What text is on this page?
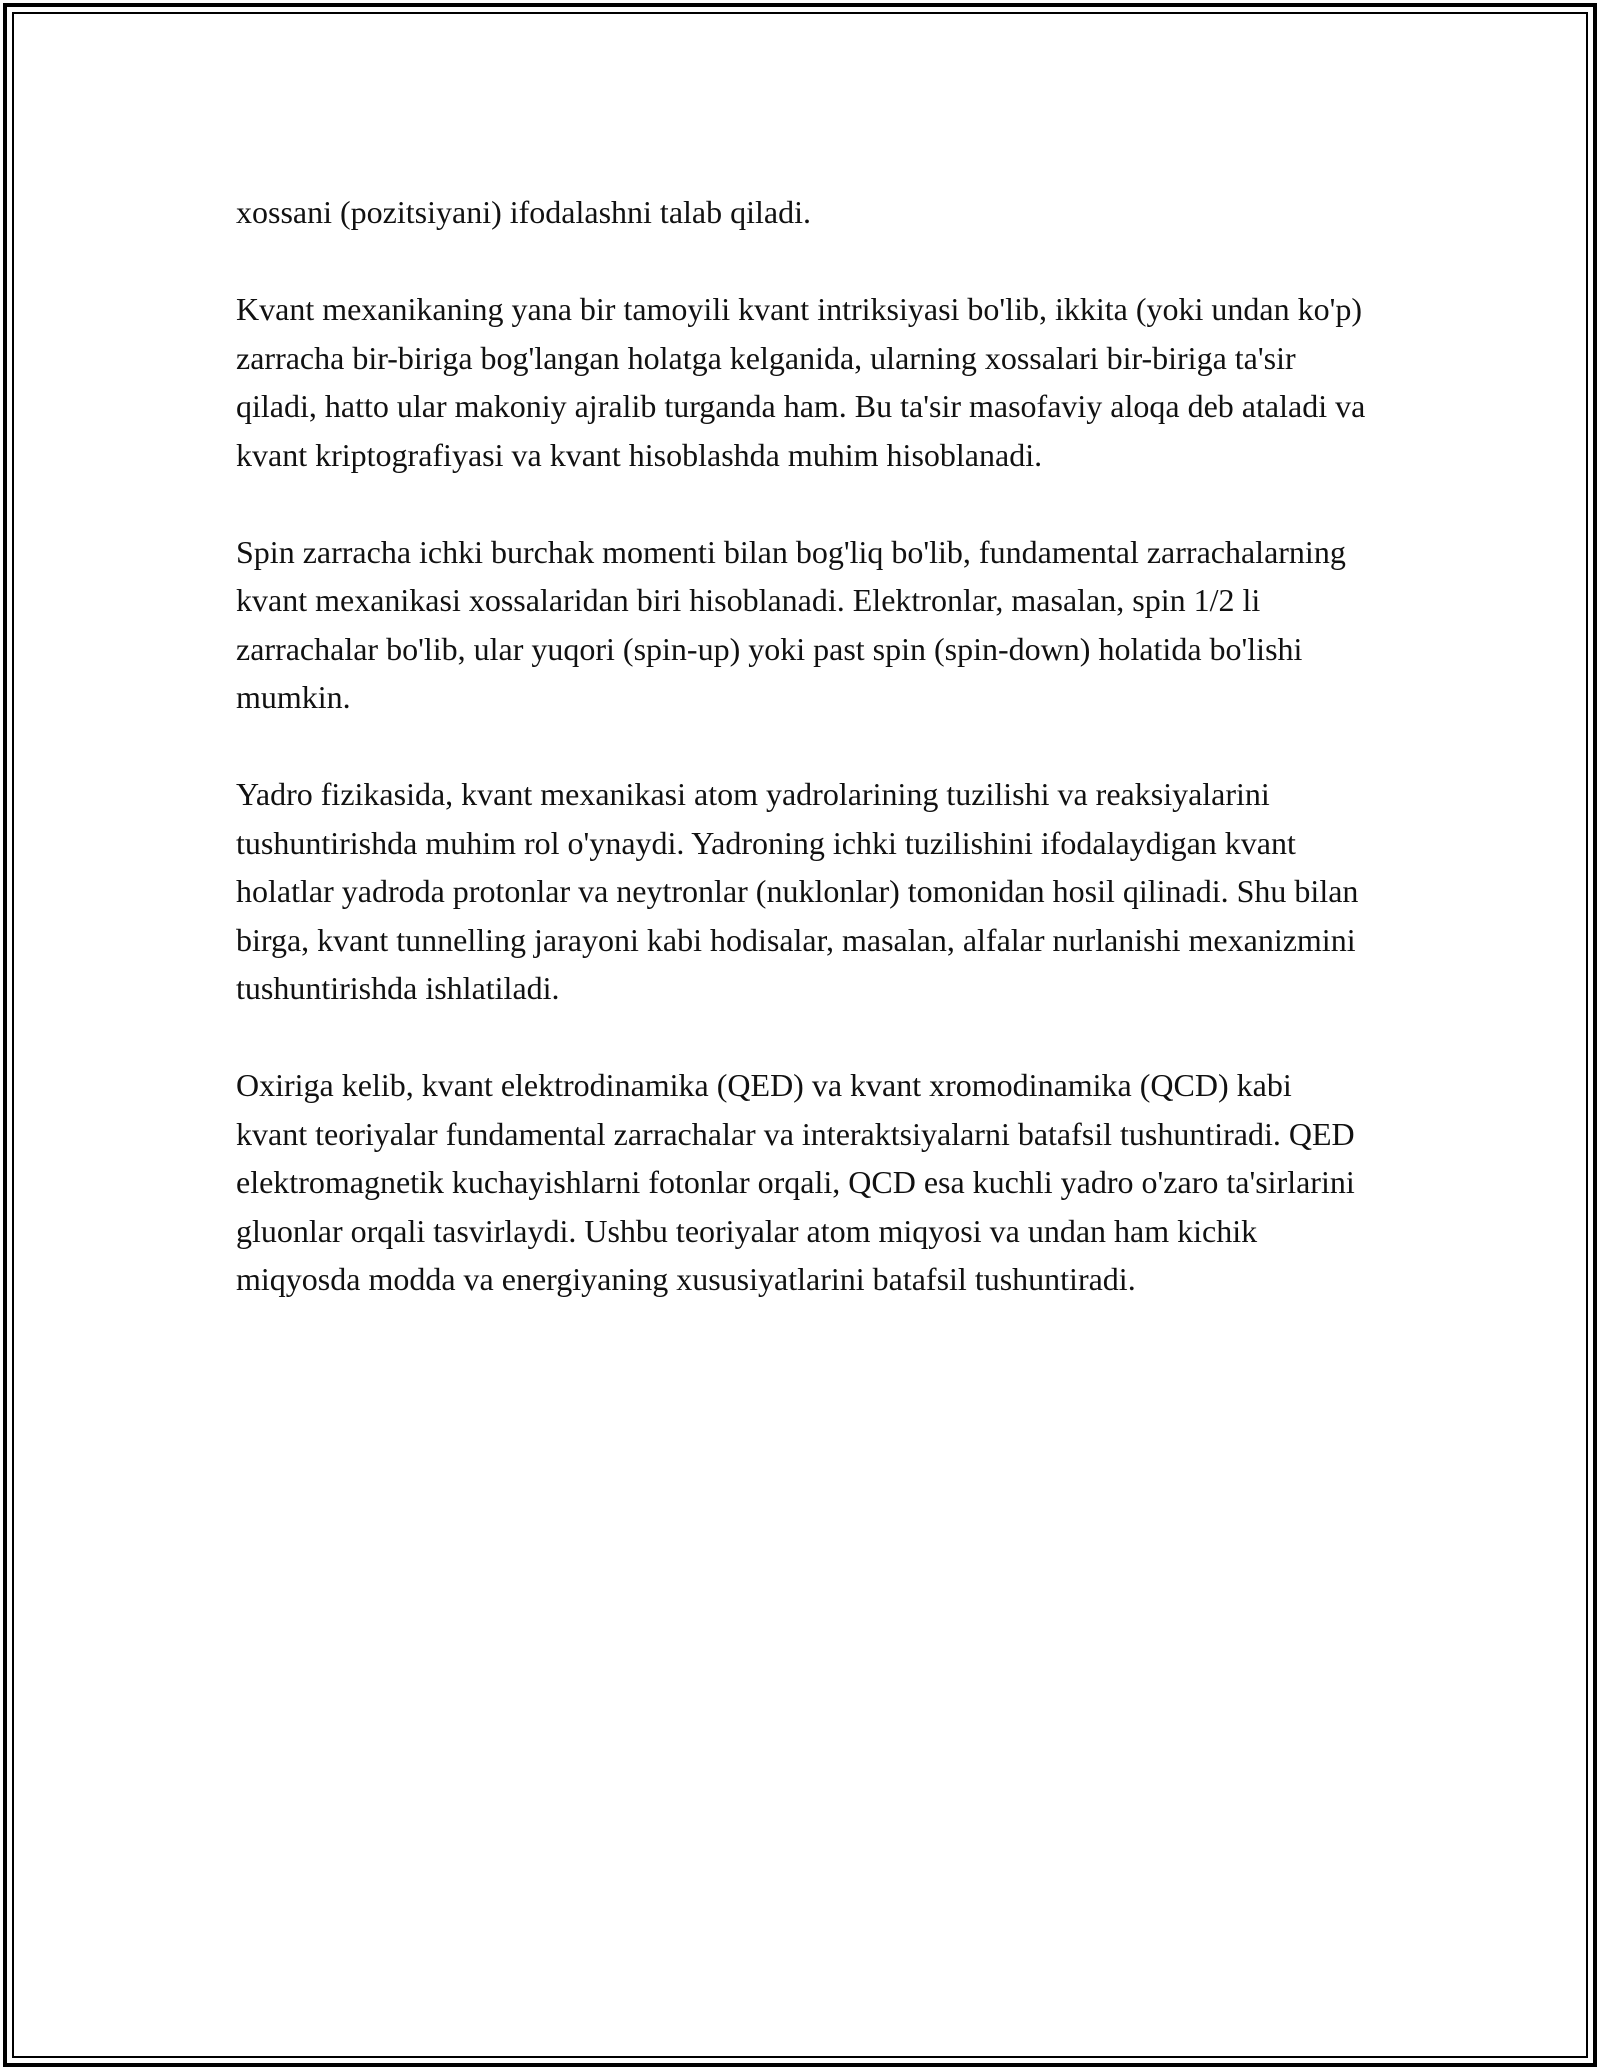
xossani (pozitsiyani) ifodalashni talab qiladi.

Kvant mexanikaning yana bir tamoyili kvant intriksiyasi bo'lib, ikkita (yoki undan ko'p) zarracha bir-biriga bog'langan holatga kelganida, ularning xossalari bir-biriga ta'sir qiladi, hatto ular makoniy ajralib turganda ham. Bu ta'sir masofaviy aloqa deb ataladi va kvant kriptografiyasi va kvant hisoblashda muhim hisoblanadi.

Spin zarracha ichki burchak momenti bilan bog'liq bo'lib, fundamental zarrachalarning kvant mexanikasi xossalaridan biri hisoblanadi. Elektronlar, masalan, spin 1/2 li zarrachalar bo'lib, ular yuqori (spin-up) yoki past spin (spin-down) holatida bo'lishi mumkin.

Yadro fizikasida, kvant mexanikasi atom yadrolarining tuzilishi va reaksiyalarini tushuntirishda muhim rol o'ynaydi. Yadroning ichki tuzilishini ifodalaydigan kvant holatlar yadroda protonlar va neytronlar (nuklonlar) tomonidan hosil qilinadi. Shu bilan birga, kvant tunnelling jarayoni kabi hodisalar, masalan, alfalar nurlanishi mexanizmini tushuntirishda ishlatiladi.

Oxiriga kelib, kvant elektrodinamika (QED) va kvant xromodinamika (QCD) kabi kvant teoriyalar fundamental zarrachalar va interaktsiyalarni batafsil tushuntiradi. QED elektromagnetik kuchayishlarni fotonlar orqali, QCD esa kuchli yadro o'zaro ta'sirlarini gluonlar orqali tasvirlaydi. Ushbu teoriyalar atom miqyosi va undan ham kichik miqyosda modda va energiyaning xususiyatlarini batafsil tushuntiradi.
